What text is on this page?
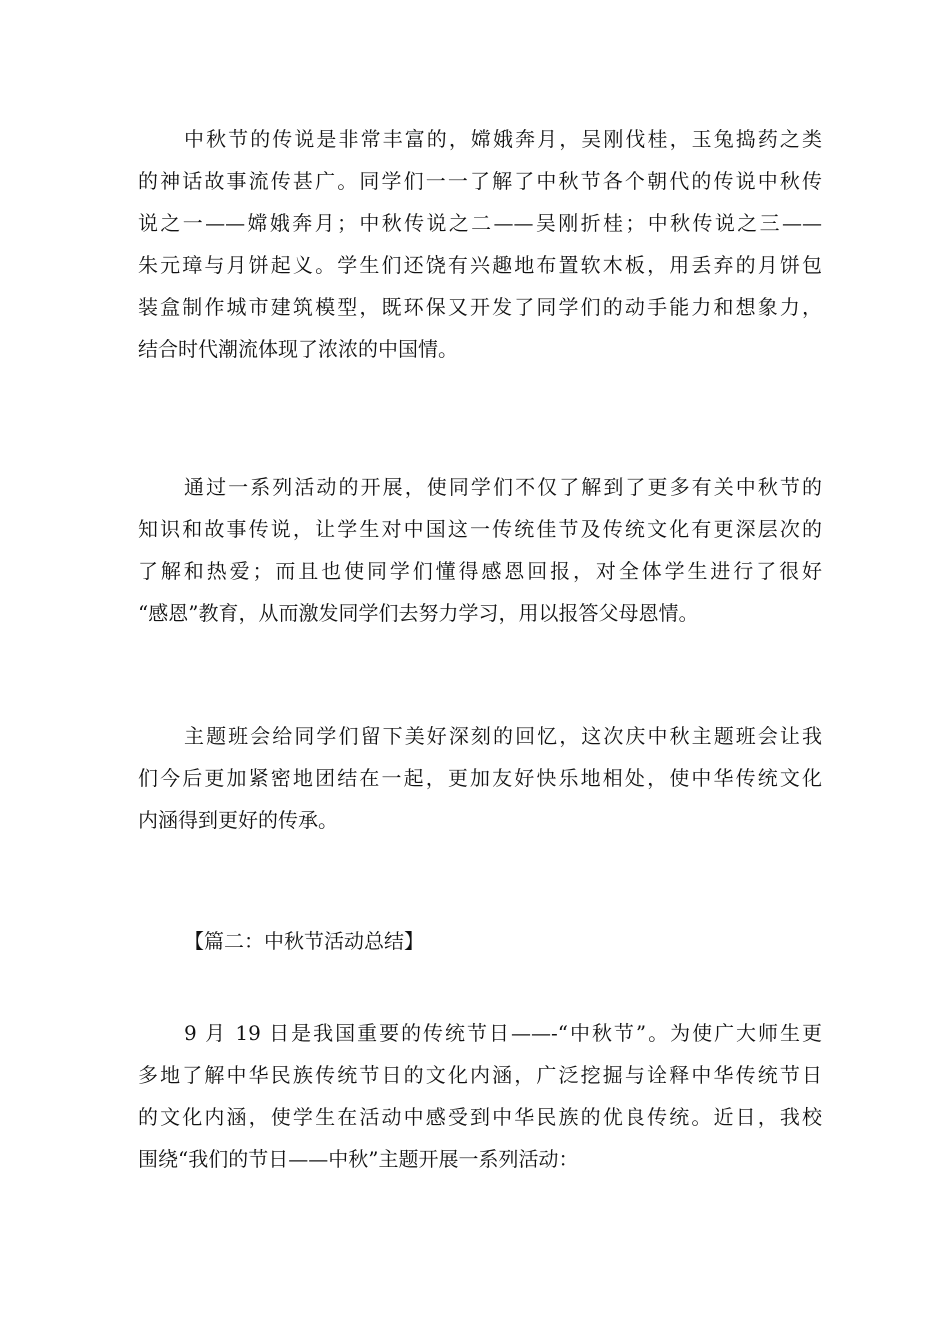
中秋节的传说是非常丰富的，嫦娥奔月，吴刚伐桂，玉兔捣药之类
的神话故事流传甚广。同学们一一了解了中秋节各个朝代的传说中秋传
说之一——嫦娥奔月；中秋传说之二——吴刚折桂；中秋传说之三——
朱元璋与月饼起义。学生们还饶有兴趣地布置软木板，用丢弃的月饼包
装盒制作城市建筑模型，既环保又开发了同学们的动手能力和想象力，
结合时代潮流体现了浓浓的中国情。
通过一系列活动的开展，使同学们不仅了解到了更多有关中秋节的
知识和故事传说，让学生对中国这一传统佳节及传统文化有更深层次的
了解和热爱；而且也使同学们懂得感恩回报，对全体学生进行了很好
“感恩”教育，从而激发同学们去努力学习，用以报答父母恩情。
主题班会给同学们留下美好深刻的回忆，这次庆中秋主题班会让我
们今后更加紧密地团结在一起，更加友好快乐地相处，使中华传统文化
内涵得到更好的传承。
【篇二：中秋节活动总结】
9 月 19 日是我国重要的传统节日——-“中秋节”。为使广大师生更
多地了解中华民族传统节日的文化内涵，广泛挖掘与诠释中华传统节日
的文化内涵，使学生在活动中感受到中华民族的优良传统。近日，我校
围绕“我们的节日——中秋”主题开展一系列活动：
